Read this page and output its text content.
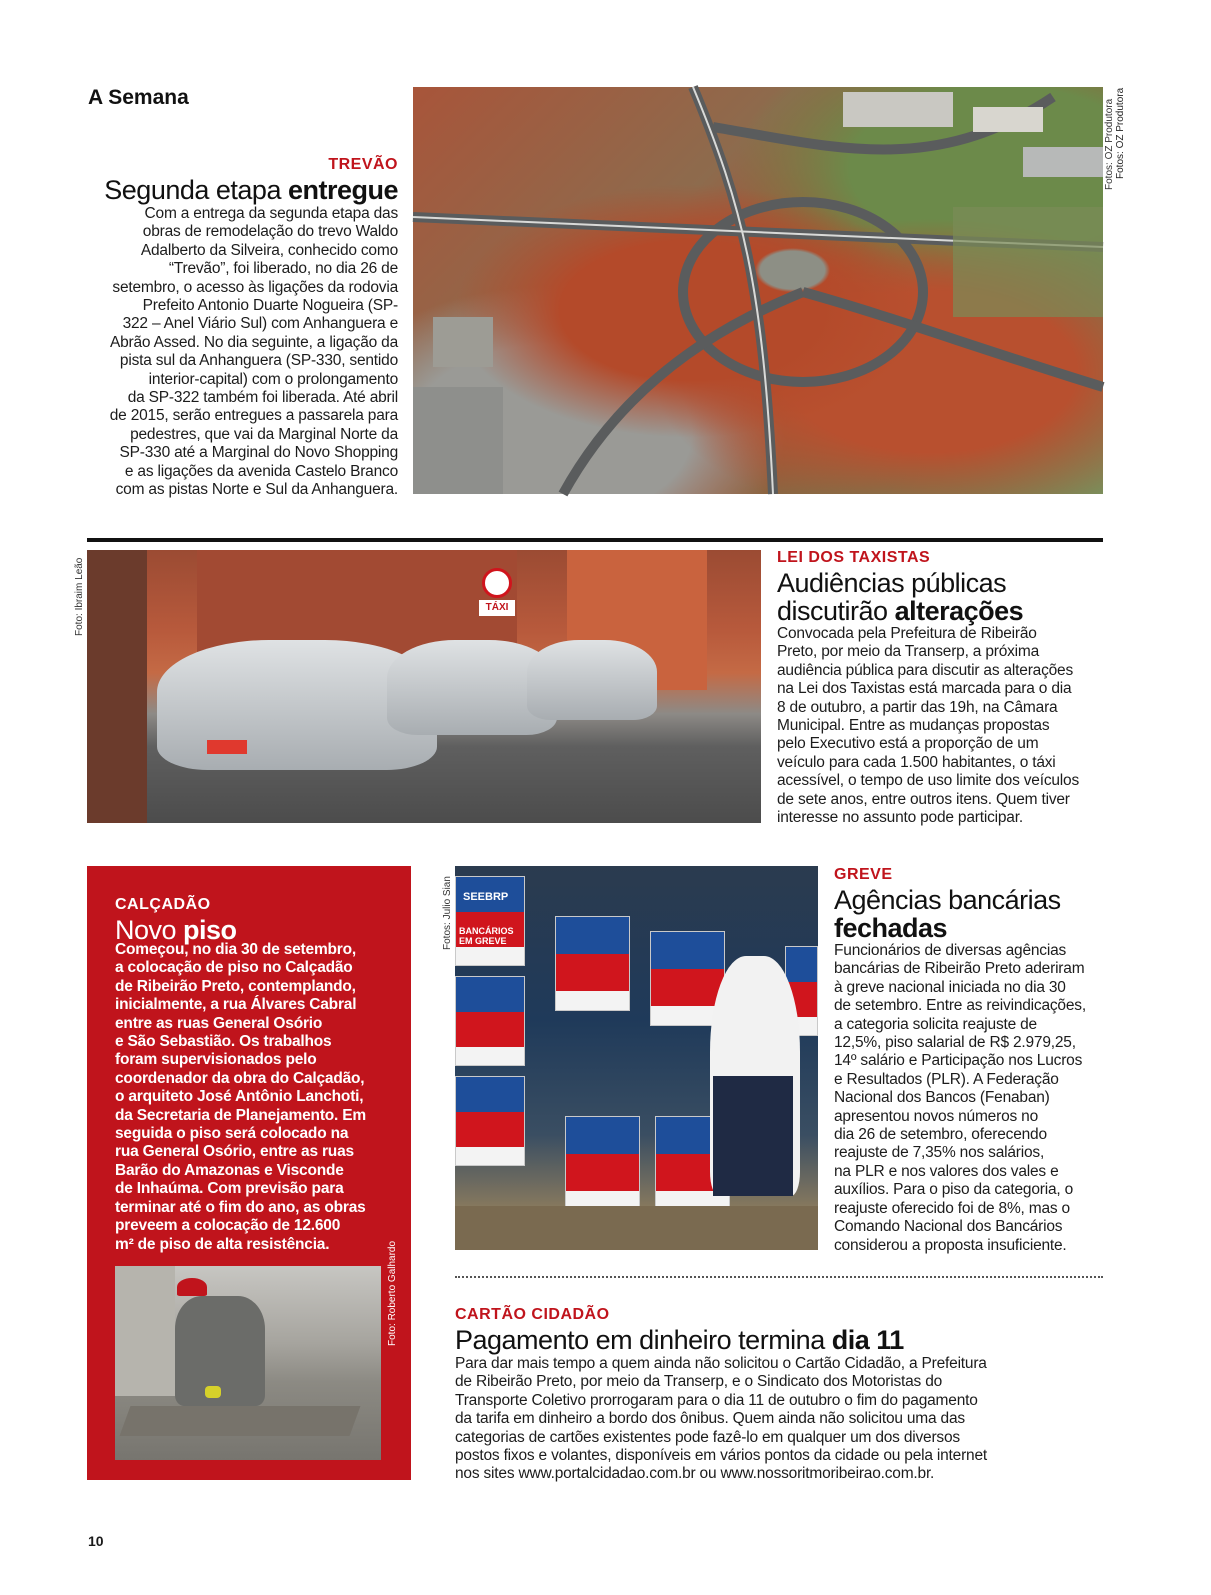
A Semana
TREVÃO
Segunda etapa entregue
Com a entrega da segunda etapa das
obras de remodelação do trevo Waldo
Adalberto da Silveira, conhecido como
“Trevão”, foi liberado, no dia 26 de
setembro, o acesso às ligações da rodovia
Prefeito Antonio Duarte Nogueira (SP-
322 – Anel Viário Sul) com Anhanguera e
Abrão Assed. No dia seguinte, a ligação da
pista sul da Anhanguera (SP-330, sentido
interior-capital) com o prolongamento
da SP-322 também foi liberada. Até abril
de 2015, serão entregues a passarela para
pedestres, que vai da Marginal Norte da
SP-330 até a Marginal do Novo Shopping
e as ligações da avenida Castelo Branco
com as pistas Norte e Sul da Anhanguera.
Fotos: OZ Produtora
Fotos: OZ Produtora
Foto: Ibraim Leão	TÁXI
LEI DOS TAXISTAS
Audiências públicas
discutirão alterações
Convocada pela Prefeitura de Ribeirão
Preto, por meio da Transerp, a próxima
audiência pública para discutir as alterações
na Lei dos Taxistas está marcada para o dia
8 de outubro, a partir das 19h, na Câmara
Municipal. Entre as mudanças propostas
pelo Executivo está a proporção de um
veículo para cada 1.500 habitantes, o táxi
acessível, o tempo de uso limite dos veículos
de sete anos, entre outros itens. Quem tiver
interesse no assunto pode participar.
CALÇADÃO
Novo piso
Começou, no dia 30 de setembro,
a colocação de piso no Calçadão
de Ribeirão Preto, contemplando,
inicialmente, a rua Álvares Cabral
entre as ruas General Osório
e São Sebastião. Os trabalhos
foram supervisionados pelo
coordenador da obra do Calçadão,
o arquiteto José Antônio Lanchoti,
da Secretaria de Planejamento. Em
seguida o piso será colocado na
rua General Osório, entre as ruas
Barão do Amazonas e Visconde
de Inhaúma. Com previsão para
terminar até o fim do ano, as obras
preveem a colocação de 12.600
m² de piso de alta resistência.	Foto: Roberto Galhardo
Fotos: Julio Sian SEEBRP
BANCÁRIOS
EM GREVE
GREVE
Agências bancárias
fechadas
Funcionários de diversas agências
bancárias de Ribeirão Preto aderiram
à greve nacional iniciada no dia 30
de setembro. Entre as reivindicações,
a categoria solicita reajuste de
12,5%, piso salarial de R$ 2.979,25,
14º salário e Participação nos Lucros
e Resultados (PLR). A Federação
Nacional dos Bancos (Fenaban)
apresentou novos números no
dia 26 de setembro, oferecendo
reajuste de 7,35% nos salários,
na PLR e nos valores dos vales e
auxílios. Para o piso da categoria, o
reajuste oferecido foi de 8%, mas o
Comando Nacional dos Bancários
considerou a proposta insuficiente.
CARTÃO CIDADÃO
Pagamento em dinheiro termina dia 11
Para dar mais tempo a quem ainda não solicitou o Cartão Cidadão, a Prefeitura
de Ribeirão Preto, por meio da Transerp, e o Sindicato dos Motoristas do
Transporte Coletivo prorrogaram para o dia 11 de outubro o fim do pagamento
da tarifa em dinheiro a bordo dos ônibus. Quem ainda não solicitou uma das
categorias de cartões existentes pode fazê-lo em qualquer um dos diversos
postos fixos e volantes, disponíveis em vários pontos da cidade ou pela internet
nos sites www.portalcidadao.com.br ou www.nossoritmoribeirao.com.br.
10
